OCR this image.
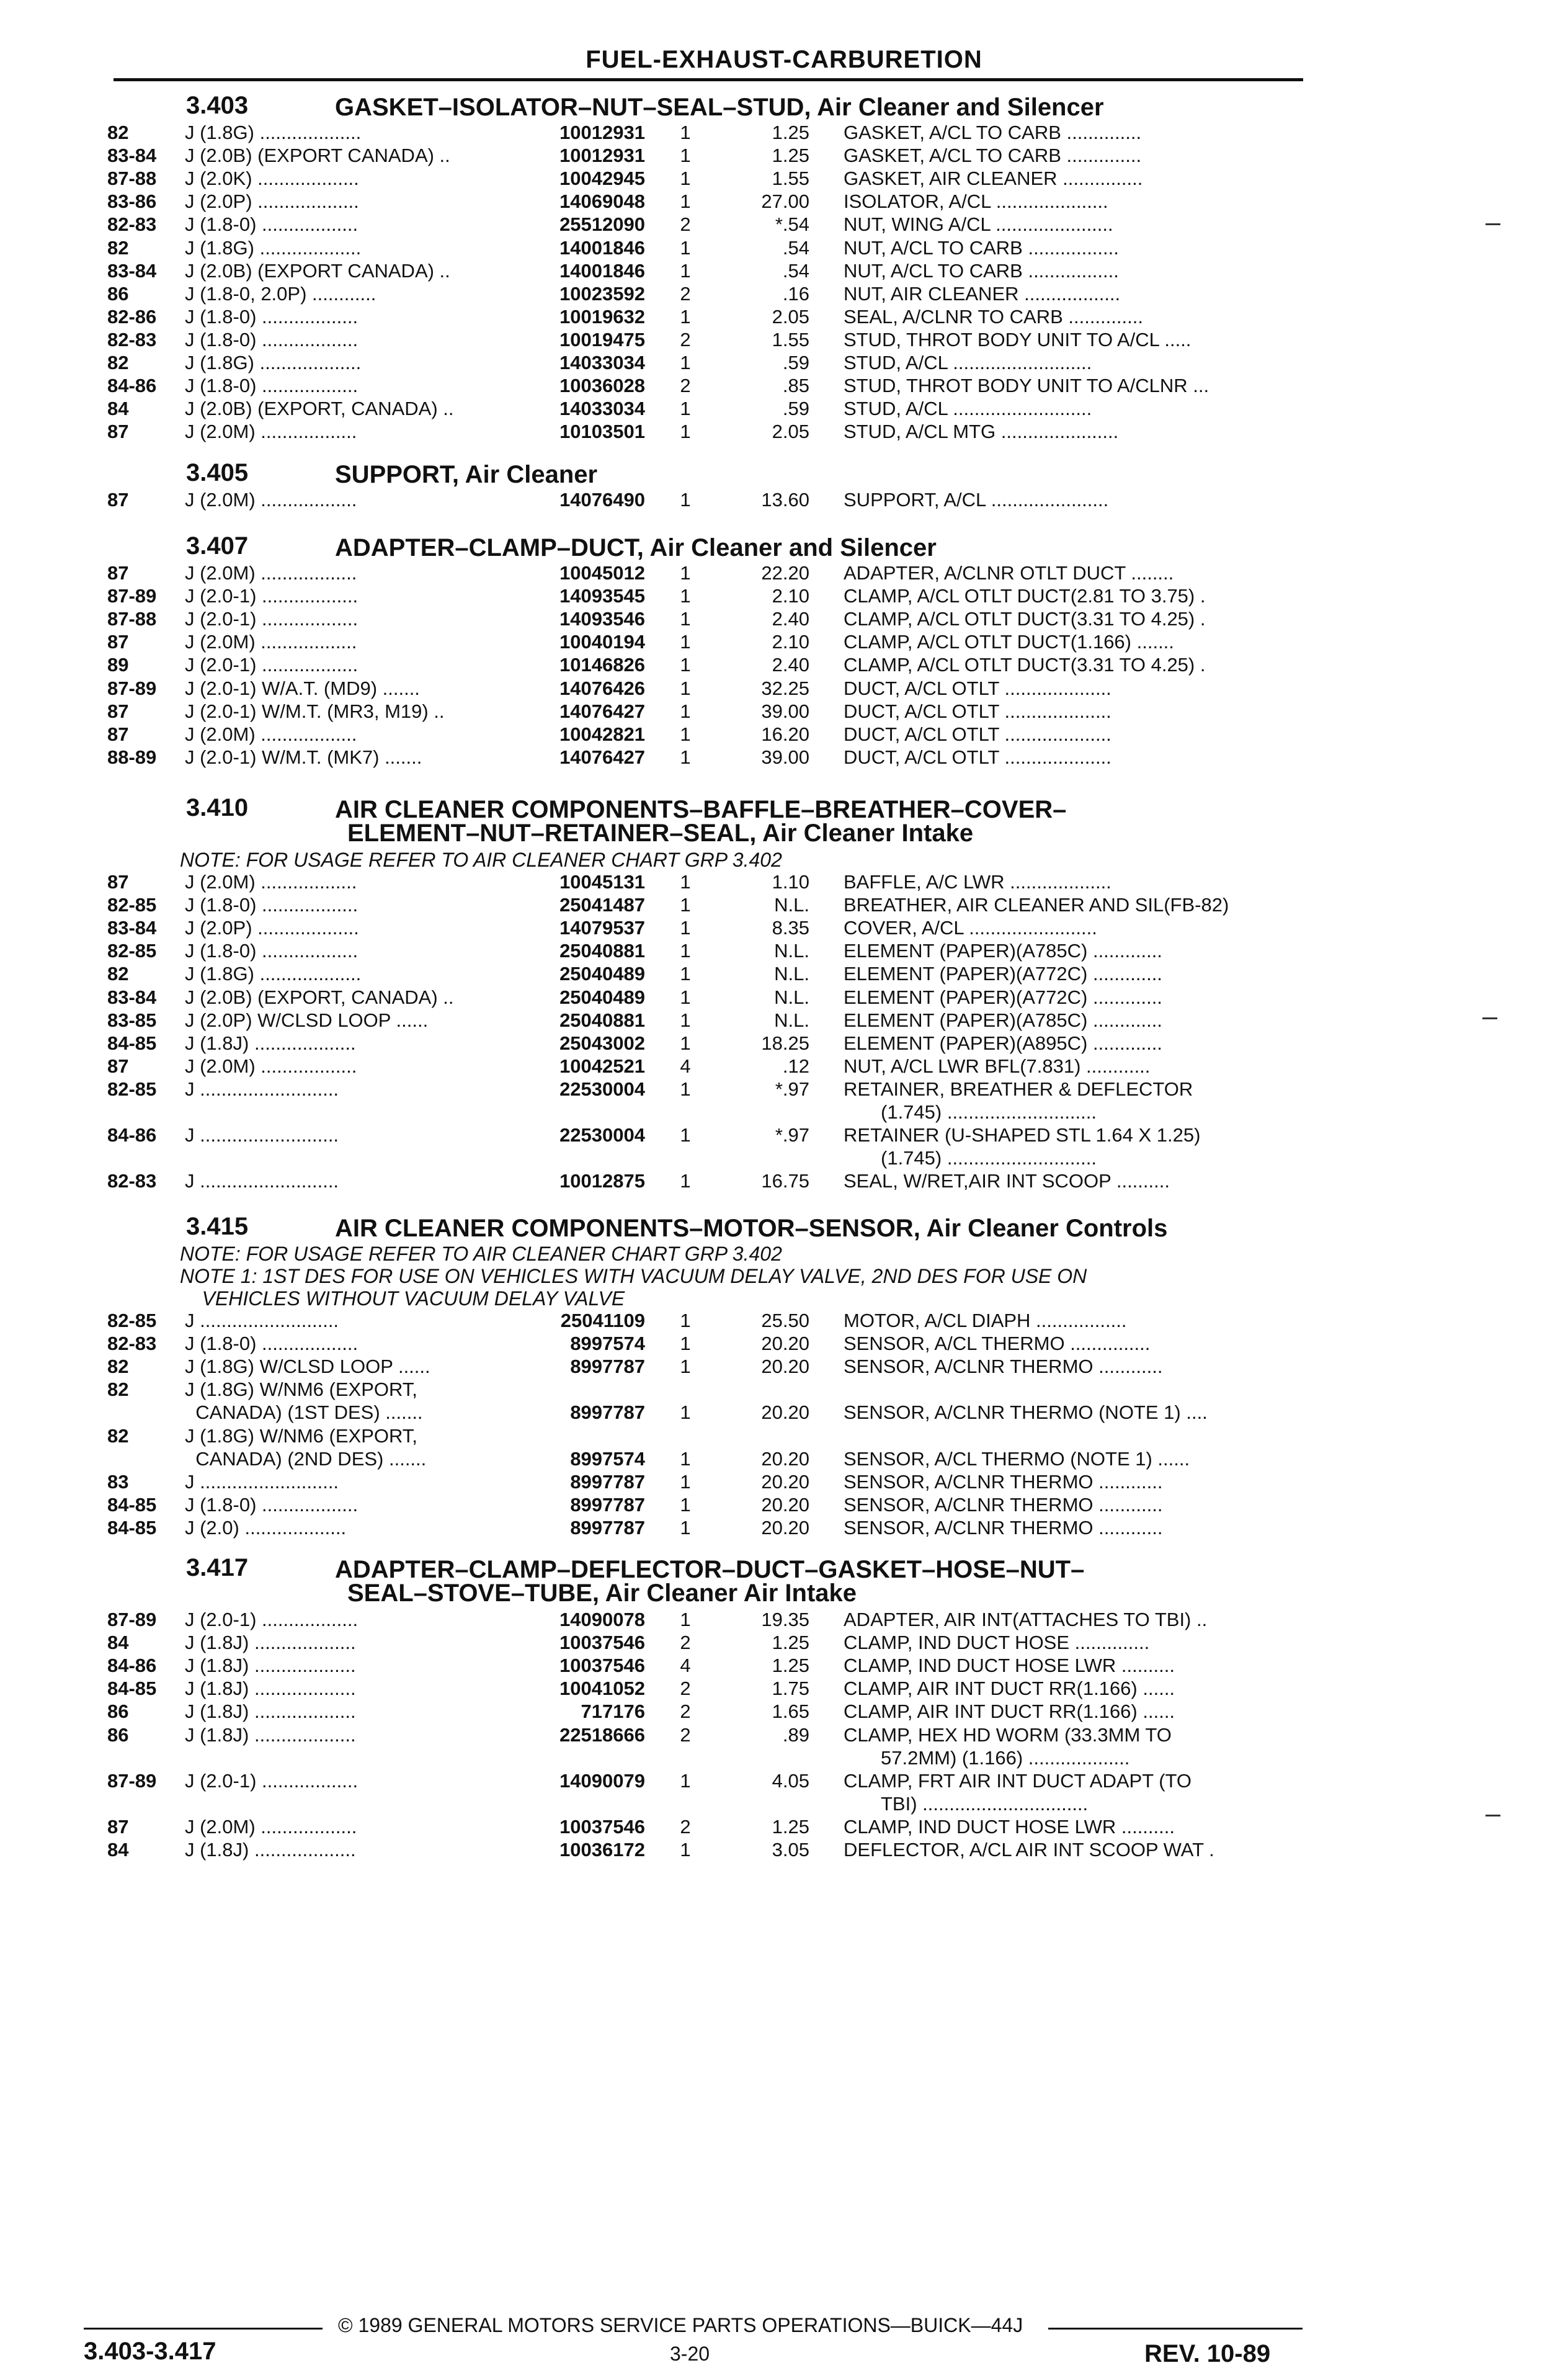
FUEL-EXHAUST-CARBURETION
3.403	GASKET–ISOLATOR–NUT–SEAL–STUD, Air Cleaner and Silencer
82	J (1.8G) ...................	10012931	1	1.25 GASKET, A/CL TO CARB ..............
83-84	J (2.0B) (EXPORT CANADA) ..	10012931	1	1.25 GASKET, A/CL TO CARB ..............
87-88	J (2.0K) ...................	10042945	1	1.55 GASKET, AIR CLEANER ...............
83-86	J (2.0P) ...................	14069048	1	27.00 ISOLATOR, A/CL .....................
82-83	J (1.8-0) ..................	25512090	2	*.54 NUT, WING A/CL ......................
82	J (1.8G) ...................	14001846	1	.54 NUT, A/CL TO CARB .................
83-84	J (2.0B) (EXPORT CANADA) ..	14001846	1	.54 NUT, A/CL TO CARB .................
86	J (1.8-0, 2.0P) ............	10023592	2	.16 NUT, AIR CLEANER ..................
82-86	J (1.8-0) ..................	10019632	1	2.05 SEAL, A/CLNR TO CARB ..............
82-83	J (1.8-0) ..................	10019475	2	1.55 STUD, THROT BODY UNIT TO A/CL .....
82	J (1.8G) ...................	14033034	1	.59 STUD, A/CL ..........................
84-86	J (1.8-0) ..................	10036028	2	.85 STUD, THROT BODY UNIT TO A/CLNR ...
84	J (2.0B) (EXPORT, CANADA) ..	14033034	1	.59 STUD, A/CL ..........................
87	J (2.0M) ..................	10103501	1	2.05 STUD, A/CL MTG ......................
3.405	SUPPORT, Air Cleaner
87	J (2.0M) ..................	14076490	1	13.60 SUPPORT, A/CL ......................
3.407	ADAPTER–CLAMP–DUCT, Air Cleaner and Silencer
87	J (2.0M) ..................	10045012	1	22.20 ADAPTER, A/CLNR OTLT DUCT ........
87-89	J (2.0-1) ..................	14093545	1	2.10 CLAMP, A/CL OTLT DUCT(2.81 TO 3.75) .
87-88	J (2.0-1) ..................	14093546	1	2.40 CLAMP, A/CL OTLT DUCT(3.31 TO 4.25) .
87	J (2.0M) ..................	10040194	1	2.10 CLAMP, A/CL OTLT DUCT(1.166) .......
89	J (2.0-1) ..................	10146826	1	2.40 CLAMP, A/CL OTLT DUCT(3.31 TO 4.25) .
87-89	J (2.0-1) W/A.T. (MD9) .......	14076426	1	32.25 DUCT, A/CL OTLT ....................
87	J (2.0-1) W/M.T. (MR3, M19) ..	14076427	1	39.00 DUCT, A/CL OTLT ....................
87	J (2.0M) ..................	10042821	1	16.20 DUCT, A/CL OTLT ....................
88-89	J (2.0-1) W/M.T. (MK7) .......	14076427	1	39.00 DUCT, A/CL OTLT ....................
3.410	AIR CLEANER COMPONENTS–BAFFLE–BREATHER–COVER–
ELEMENT–NUT–RETAINER–SEAL, Air Cleaner Intake
NOTE: FOR USAGE REFER TO AIR CLEANER CHART GRP 3.402
87	J (2.0M) ..................	10045131	1	1.10 BAFFLE, A/C LWR ...................
82-85	J (1.8-0) ..................	25041487	1	N.L. BREATHER, AIR CLEANER AND SIL(FB-82)
83-84	J (2.0P) ...................	14079537	1	8.35 COVER, A/CL ........................
82-85	J (1.8-0) ..................	25040881	1	N.L. ELEMENT (PAPER)(A785C) .............
82	J (1.8G) ...................	25040489	1	N.L. ELEMENT (PAPER)(A772C) .............
83-84	J (2.0B) (EXPORT, CANADA) ..	25040489	1	N.L. ELEMENT (PAPER)(A772C) .............
83-85	J (2.0P) W/CLSD LOOP ......	25040881	1	N.L. ELEMENT (PAPER)(A785C) .............
84-85	J (1.8J) ...................	25043002	1	18.25 ELEMENT (PAPER)(A895C) .............
87	J (2.0M) ..................	10042521	4	.12 NUT, A/CL LWR BFL(7.831) ............
82-85	J ..........................	22530004	1	*.97 RETAINER, BREATHER & DEFLECTOR
(1.745) ............................
84-86	J ..........................	22530004	1	*.97 RETAINER (U-SHAPED STL 1.64 X 1.25)
(1.745) ............................
82-83	J ..........................	10012875	1	16.75 SEAL, W/RET,AIR INT SCOOP ..........
3.415	AIR CLEANER COMPONENTS–MOTOR–SENSOR, Air Cleaner Controls
NOTE: FOR USAGE REFER TO AIR CLEANER CHART GRP 3.402
NOTE 1: 1ST DES FOR USE ON VEHICLES WITH VACUUM DELAY VALVE, 2ND DES FOR USE ON
VEHICLES WITHOUT VACUUM DELAY VALVE
82-85	J ..........................	25041109	1	25.50 MOTOR, A/CL DIAPH .................
82-83	J (1.8-0) ..................	8997574	1	20.20 SENSOR, A/CL THERMO ...............
82	J (1.8G) W/CLSD LOOP ......	8997787	1	20.20 SENSOR, A/CLNR THERMO ............
82	J (1.8G) W/NM6 (EXPORT,
CANADA) (1ST DES) .......	8997787	1	20.20 SENSOR, A/CLNR THERMO (NOTE 1) ....
82	J (1.8G) W/NM6 (EXPORT,
CANADA) (2ND DES) .......	8997574	1	20.20 SENSOR, A/CL THERMO (NOTE 1) ......
83	J ..........................	8997787	1	20.20 SENSOR, A/CLNR THERMO ............
84-85	J (1.8-0) ..................	8997787	1	20.20 SENSOR, A/CLNR THERMO ............
84-85	J (2.0) ...................	8997787	1	20.20 SENSOR, A/CLNR THERMO ............
3.417	ADAPTER–CLAMP–DEFLECTOR–DUCT–GASKET–HOSE–NUT–
SEAL–STOVE–TUBE, Air Cleaner Air Intake
87-89	J (2.0-1) ..................	14090078	1	19.35 ADAPTER, AIR INT(ATTACHES TO TBI) ..
84	J (1.8J) ...................	10037546	2	1.25 CLAMP, IND DUCT HOSE ..............
84-86	J (1.8J) ...................	10037546	4	1.25 CLAMP, IND DUCT HOSE LWR ..........
84-85	J (1.8J) ...................	10041052	2	1.75 CLAMP, AIR INT DUCT RR(1.166) ......
86	J (1.8J) ...................	717176	2	1.65 CLAMP, AIR INT DUCT RR(1.166) ......
86	J (1.8J) ...................	22518666	2	.89 CLAMP, HEX HD WORM (33.3MM TO
57.2MM) (1.166) ...................
87-89	J (2.0-1) ..................	14090079	1	4.05 CLAMP, FRT AIR INT DUCT ADAPT (TO
TBI) ...............................
87	J (2.0M) ..................	10037546	2	1.25 CLAMP, IND DUCT HOSE LWR ..........
84	J (1.8J) ...................	10036172	1	3.05 DEFLECTOR, A/CL AIR INT SCOOP WAT .
© 1989 GENERAL MOTORS SERVICE PARTS OPERATIONS—BUICK—44J
3.403-3.417	3-20	REV. 10-89
